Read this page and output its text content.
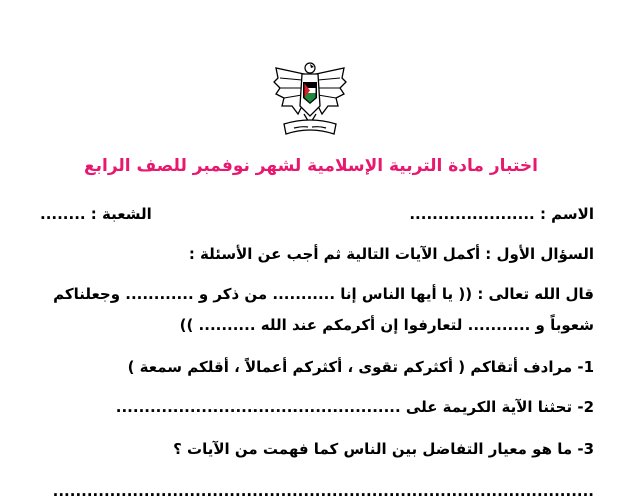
اختبار مادة التربية الإسلامية لشهر نوفمبر للصف الرابع
الاسم : ......................
الشعبة : ........
السؤال الأول : أكمل الآيات التالية ثم أجب عن الأسئلة :
قال الله تعالى : (( يا أيها الناس إنا ........... من ذكر و ............ وجعلناكم
شعوباً و ........... لتعارفوا إن أكرمكم عند الله .......... ))
1- مرادف أتقاكم ( أكثركم تقوى ، أكثركم أعمالاً ، أقلكم سمعة )
2- تحثنا الآية الكريمة على ..................................................
3- ما هو معيار التفاضل بين الناس كما فهمت من الآيات ؟
...............................................................................................
